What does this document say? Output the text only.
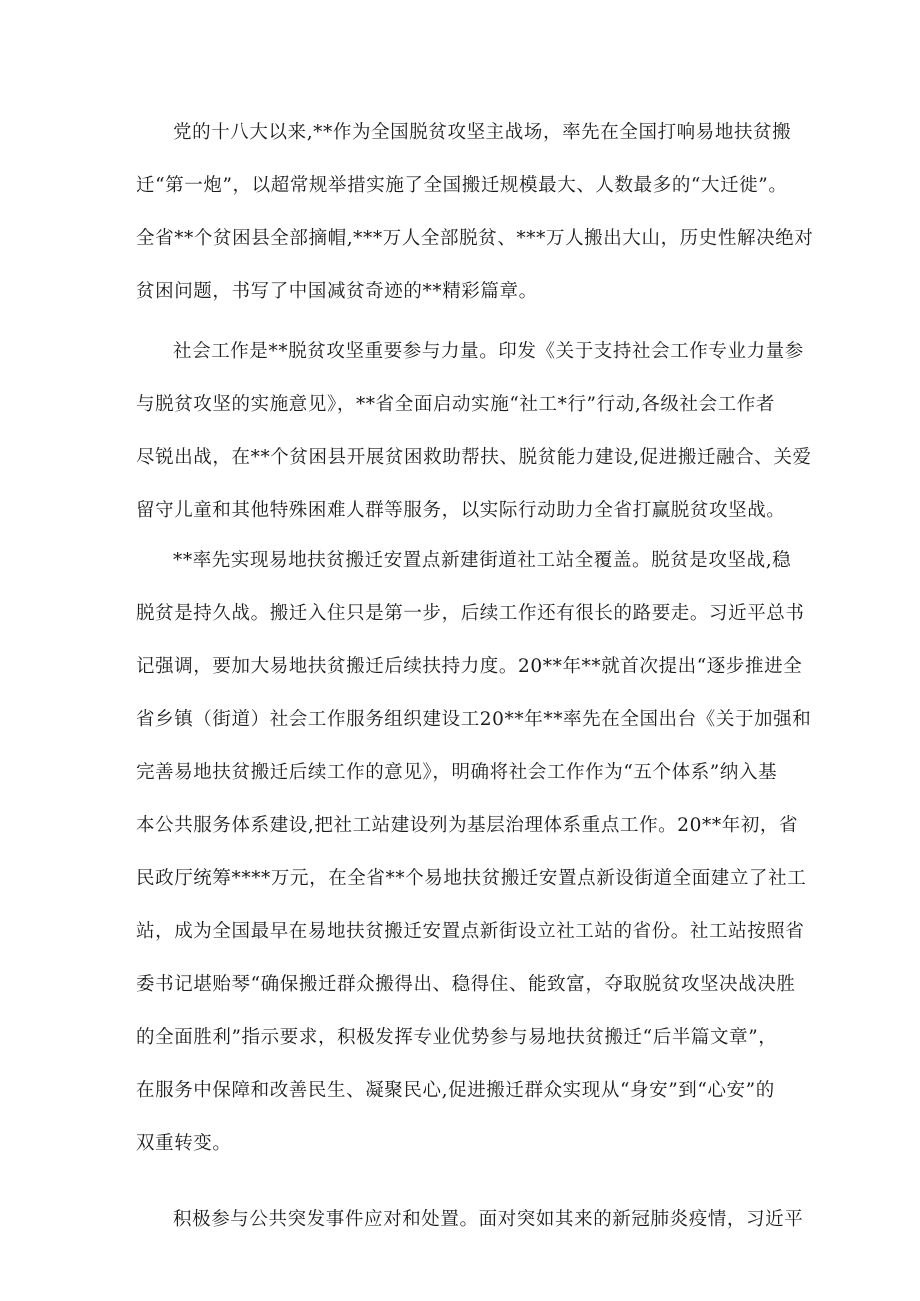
党的十八大以来,**作为全国脱贫攻坚主战场，率先在全国打响易地扶贫搬
迁“第一炮”，以超常规举措实施了全国搬迁规模最大、人数最多的“大迁徙”。
全省**个贫困县全部摘帽,***万人全部脱贫、***万人搬出大山，历史性解决绝对
贫困问题，书写了中国减贫奇迹的**精彩篇章。
社会工作是**脱贫攻坚重要参与力量。印发《关于支持社会工作专业力量参
与脱贫攻坚的实施意见》，**省全面启动实施“社工*行”行动,各级社会工作者
尽锐出战，在**个贫困县开展贫困救助帮扶、脱贫能力建设,促进搬迁融合、关爱
留守儿童和其他特殊困难人群等服务，以实际行动助力全省打赢脱贫攻坚战。
**率先实现易地扶贫搬迁安置点新建街道社工站全覆盖。脱贫是攻坚战,稳
脱贫是持久战。搬迁入住只是第一步，后续工作还有很长的路要走。习近平总书
记强调，要加大易地扶贫搬迁后续扶持力度。20**年**就首次提出“逐步推进全
省乡镇（街道）社会工作服务组织建设工20**年**率先在全国出台《关于加强和
完善易地扶贫搬迁后续工作的意见》，明确将社会工作作为“五个体系”纳入基
本公共服务体系建设,把社工站建设列为基层治理体系重点工作。20**年初，省
民政厅统筹****万元，在全省**个易地扶贫搬迁安置点新设街道全面建立了社工
站，成为全国最早在易地扶贫搬迁安置点新街设立社工站的省份。社工站按照省
委书记堪贻琴“确保搬迁群众搬得出、稳得住、能致富，夺取脱贫攻坚决战决胜
的全面胜利”指示要求，积极发挥专业优势参与易地扶贫搬迁“后半篇文章”，
在服务中保障和改善民生、凝聚民心,促进搬迁群众实现从“身安”到“心安”的
双重转变。
积极参与公共突发事件应对和处置。面对突如其来的新冠肺炎疫情，习近平
